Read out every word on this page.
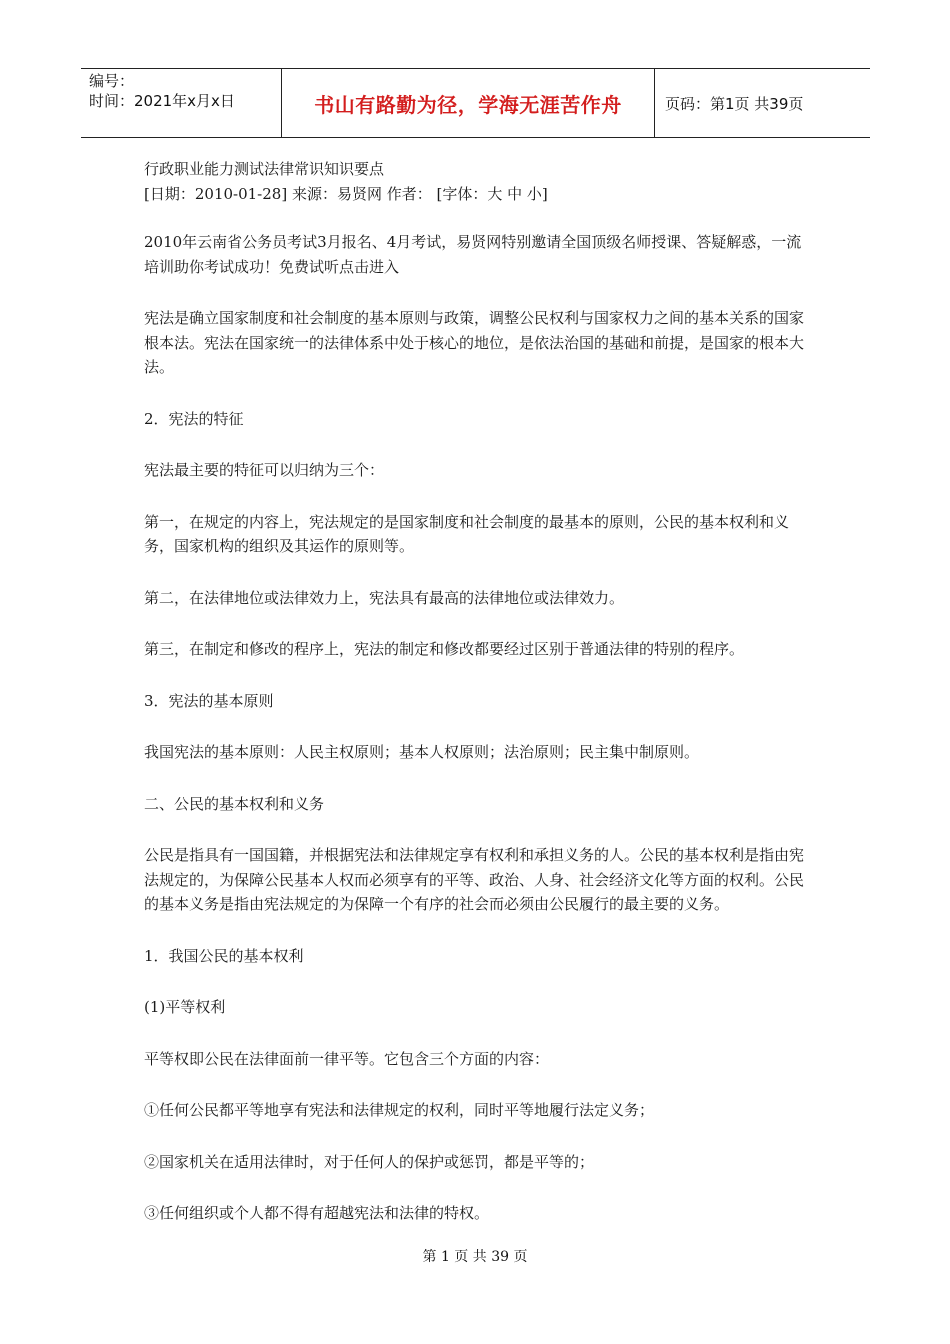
编号：
时间：2021年x月x日	书山有路勤为径，学海无涯苦作舟	页码：第1页 共39页

行政职业能力测试法律常识知识要点

[日期：2010-01-28] 来源：易贤网 作者： [字体：大 中 小]

2010年云南省公务员考试3月报名、4月考试，易贤网特别邀请全国顶级名师授课、答疑解惑，一流培训助你考试成功！免费试听点击进入

宪法是确立国家制度和社会制度的基本原则与政策，调整公民权利与国家权力之间的基本关系的国家根本法。宪法在国家统一的法律体系中处于核心的地位，是依法治国的基础和前提，是国家的根本大法。

2．宪法的特征

宪法最主要的特征可以归纳为三个：

第一，在规定的内容上，宪法规定的是国家制度和社会制度的最基本的原则，公民的基本权利和义务，国家机构的组织及其运作的原则等。

第二，在法律地位或法律效力上，宪法具有最高的法律地位或法律效力。

第三，在制定和修改的程序上，宪法的制定和修改都要经过区别于普通法律的特别的程序。

3．宪法的基本原则

我国宪法的基本原则：人民主权原则；基本人权原则；法治原则；民主集中制原则。

二、公民的基本权利和义务

公民是指具有一国国籍，并根据宪法和法律规定享有权利和承担义务的人。公民的基本权利是指由宪法规定的，为保障公民基本人权而必须享有的平等、政治、人身、社会经济文化等方面的权利。公民的基本义务是指由宪法规定的为保障一个有序的社会而必须由公民履行的最主要的义务。

1．我国公民的基本权利

(1)平等权利

平等权即公民在法律面前一律平等。它包含三个方面的内容：

①任何公民都平等地享有宪法和法律规定的权利，同时平等地履行法定义务；

②国家机关在适用法律时，对于任何人的保护或惩罚，都是平等的；

③任何组织或个人都不得有超越宪法和法律的特权。

第 1 页 共 39 页
